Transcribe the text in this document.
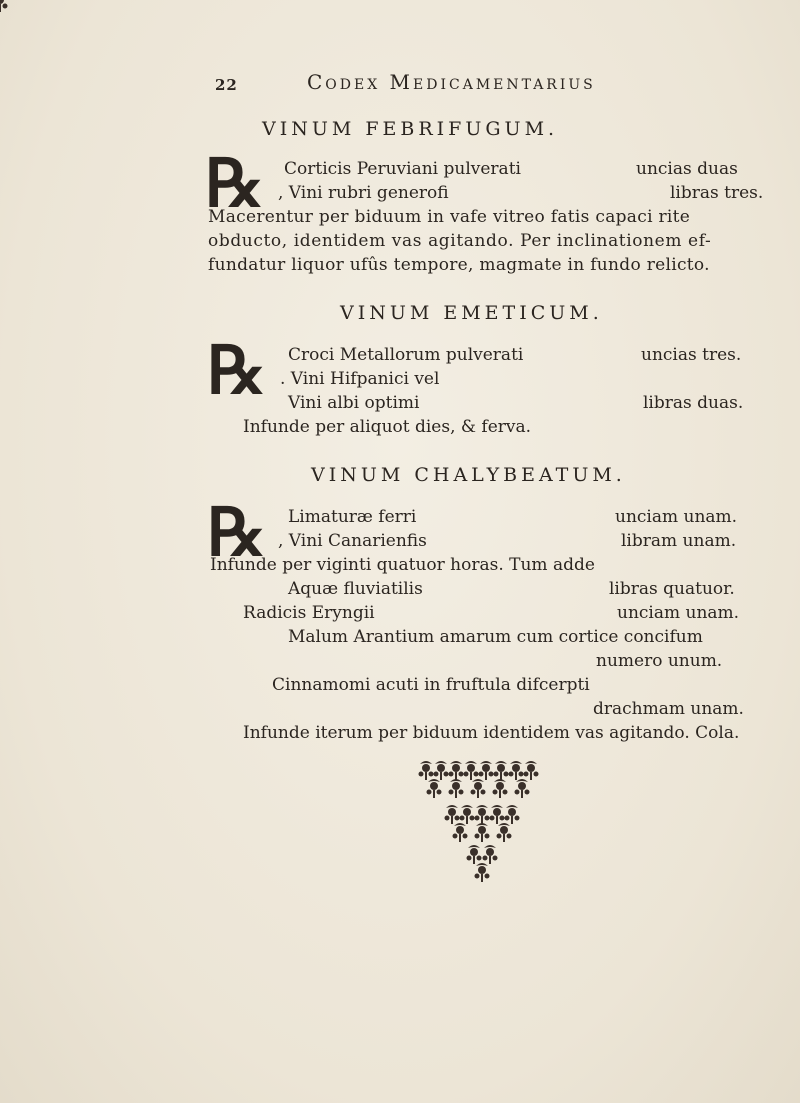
22	Codex Medicamentarius
VINUM FEBRIFUGUM.
℞ Corticis Peruviani pulverati	uncias duas
, Vini rubri generofi	libras tres.
Macerentur per biduum in vafe vitreo fatis capaci rite
obducto, identidem vas agitando. Per inclinationem ef-
fundatur liquor ufûs tempore, magmate in fundo relicto.
VINUM EMETICUM.
℞ Croci Metallorum pulverati	uncias tres.
. Vini Hifpanici vel
Vini albi optimi	libras duas.
Infunde per aliquot dies, & ferva.
VINUM CHALYBEATUM.
℞ Limaturæ ferri	unciam unam.
, Vini Canarienfis	libram unam.
Infunde per viginti quatuor horas. Tum adde
Aquæ fluviatilis	libras quatuor.
Radicis Eryngii	unciam unam.
Malum Arantium amarum cum cortice concifum
numero unum.
Cinnamomi acuti in fruftula difcerpti
drachmam unam.
Infunde iterum per biduum identidem vas agitando. Cola.
